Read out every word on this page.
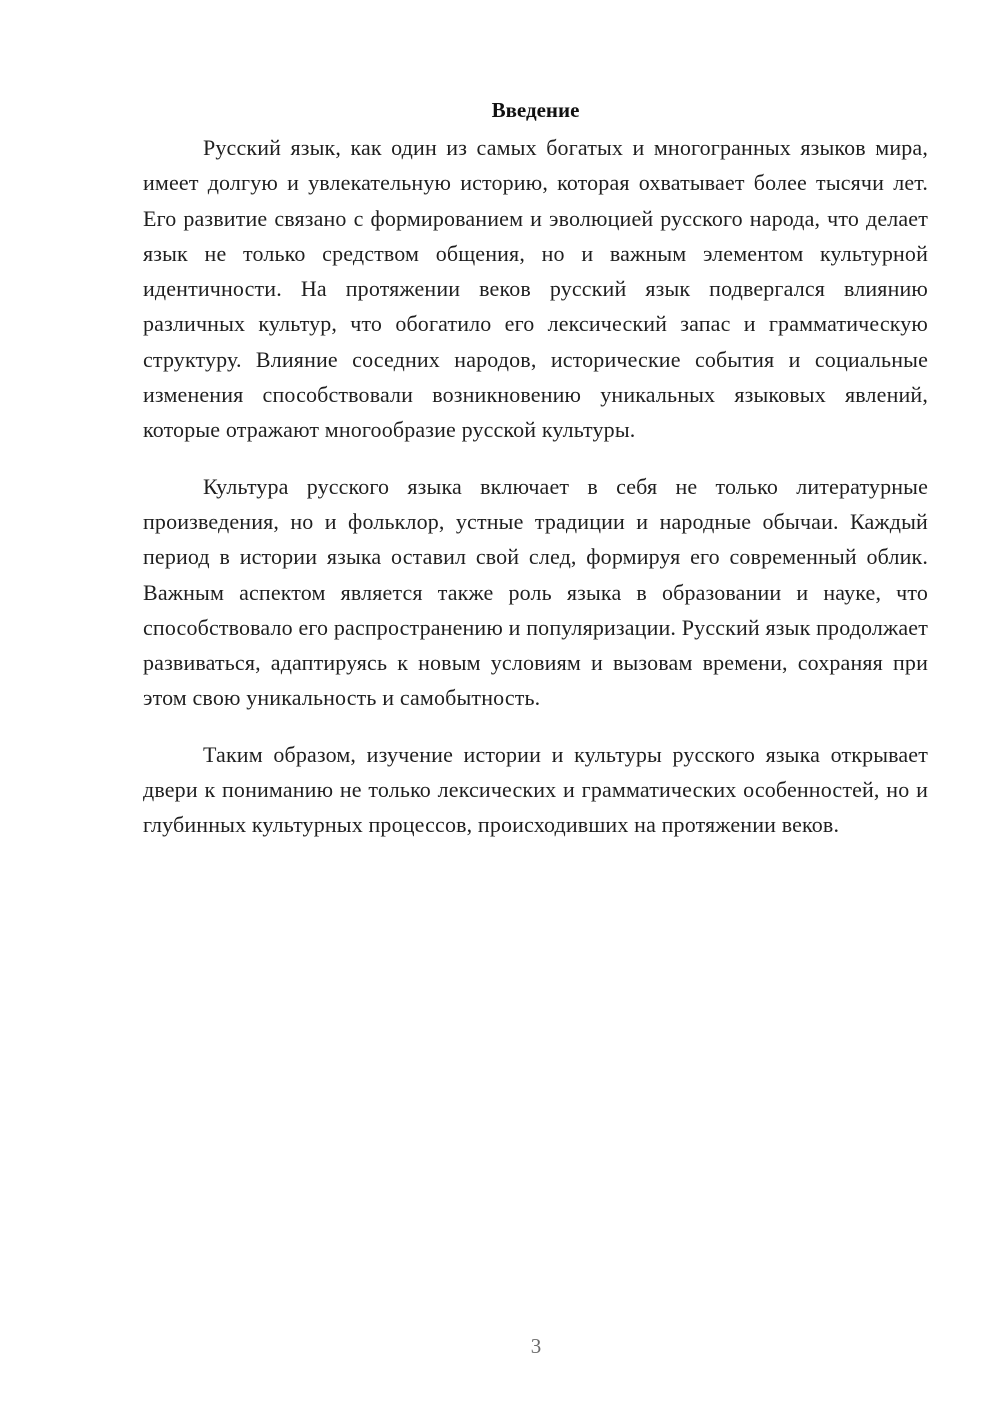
Введение

Русский язык, как один из самых богатых и многогранных языков мира, имеет долгую и увлекательную историю, которая охватывает более тысячи лет. Его развитие связано с формированием и эволюцией русского народа, что делает язык не только средством общения, но и важным элементом культурной идентичности. На протяжении веков русский язык подвергался влиянию различных культур, что обогатило его лексический запас и грамматическую структуру. Влияние соседних народов, исторические события и социальные изменения способствовали возникновению уникальных языковых явлений, которые отражают многообразие русской культуры.

Культура русского языка включает в себя не только литературные произведения, но и фольклор, устные традиции и народные обычаи. Каждый период в истории языка оставил свой след, формируя его современный облик. Важным аспектом является также роль языка в образовании и науке, что способствовало его распространению и популяризации. Русский язык продолжает развиваться, адаптируясь к новым условиям и вызовам времени, сохраняя при этом свою уникальность и самобытность.

Таким образом, изучение истории и культуры русского языка открывает двери к пониманию не только лексических и грамматических особенностей, но и глубинных культурных процессов, происходивших на протяжении веков.

3
